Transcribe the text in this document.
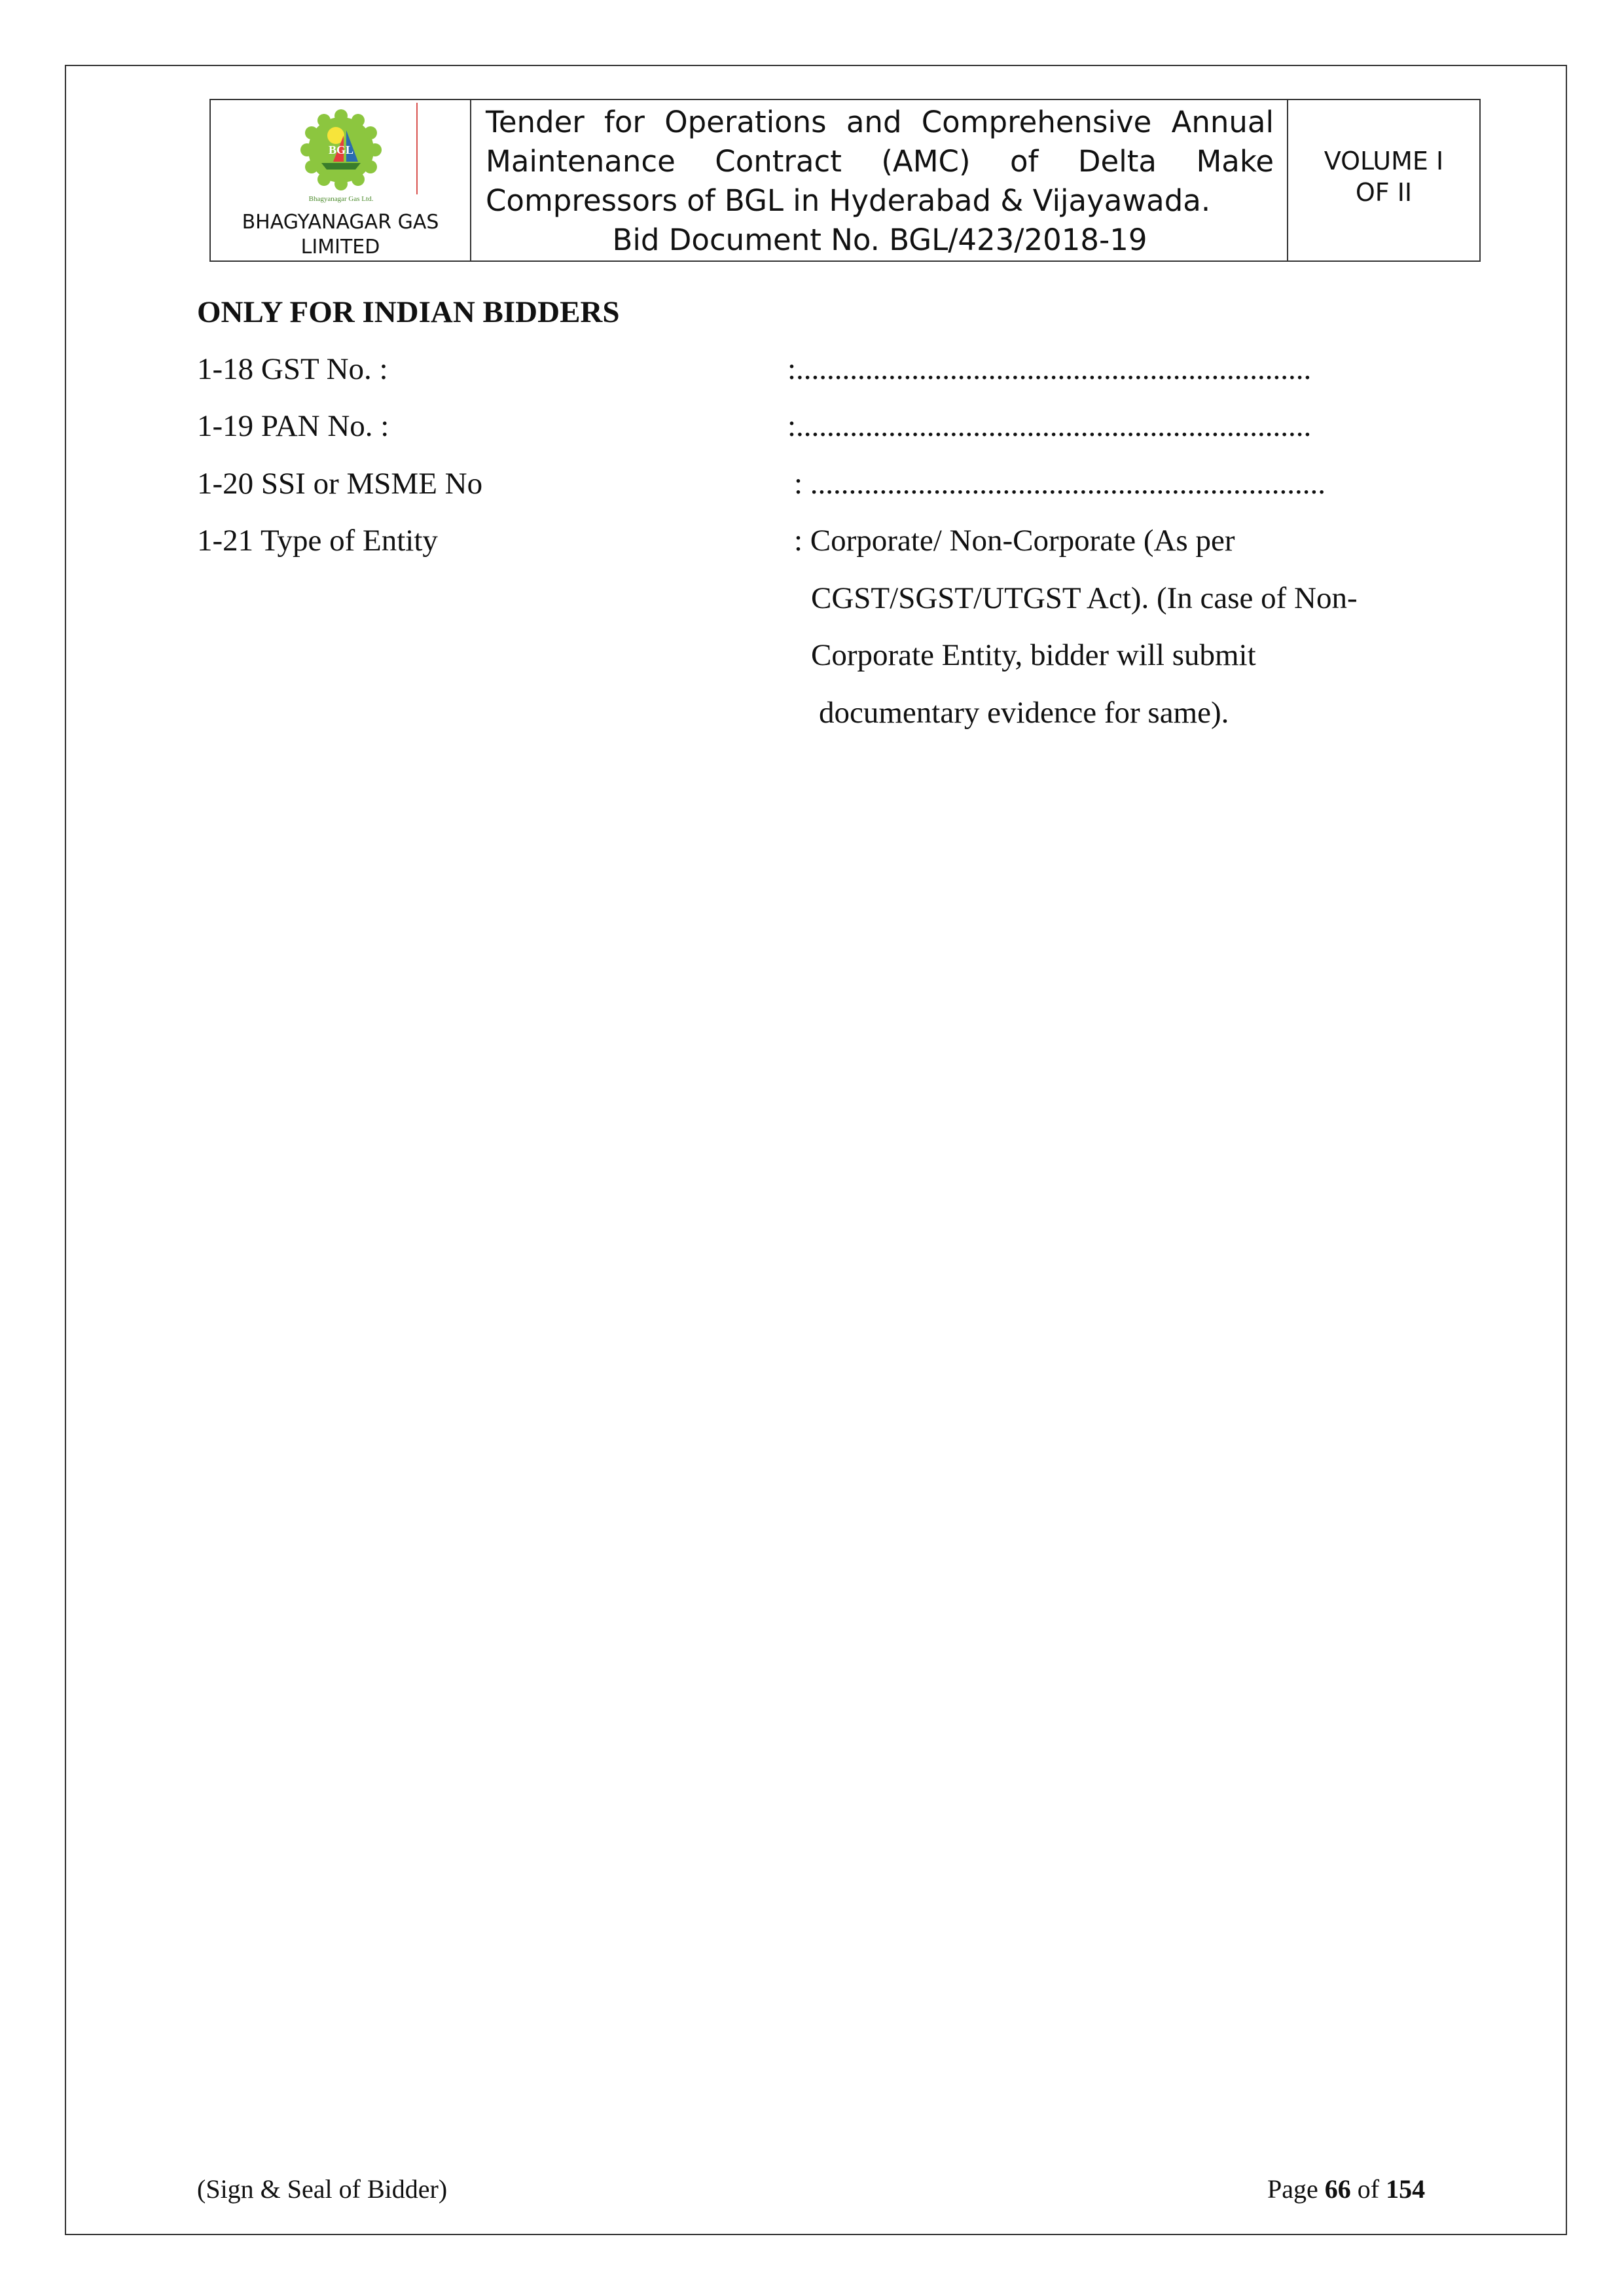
BGL
Bhagyanagar Gas Ltd.
BHAGYANAGAR GAS
LIMITED
Tender for Operations and Comprehensive Annual
Maintenance Contract (AMC) of Delta Make
Compressors of BGL in Hyderabad & Vijayawada.
Bid Document No. BGL/423/2018-19
VOLUME I
OF II
ONLY FOR INDIAN BIDDERS
1-18 GST No. :	:...................................................................
1-19 PAN No. :	:...................................................................
1-20 SSI or MSME No	: ...................................................................
1-21 Type of Entity	: Corporate/ Non-Corporate (As per
CGST/SGST/UTGST Act). (In case of Non-
Corporate Entity, bidder will submit
documentary evidence for same).
(Sign & Seal of Bidder)	Page 66 of 154
